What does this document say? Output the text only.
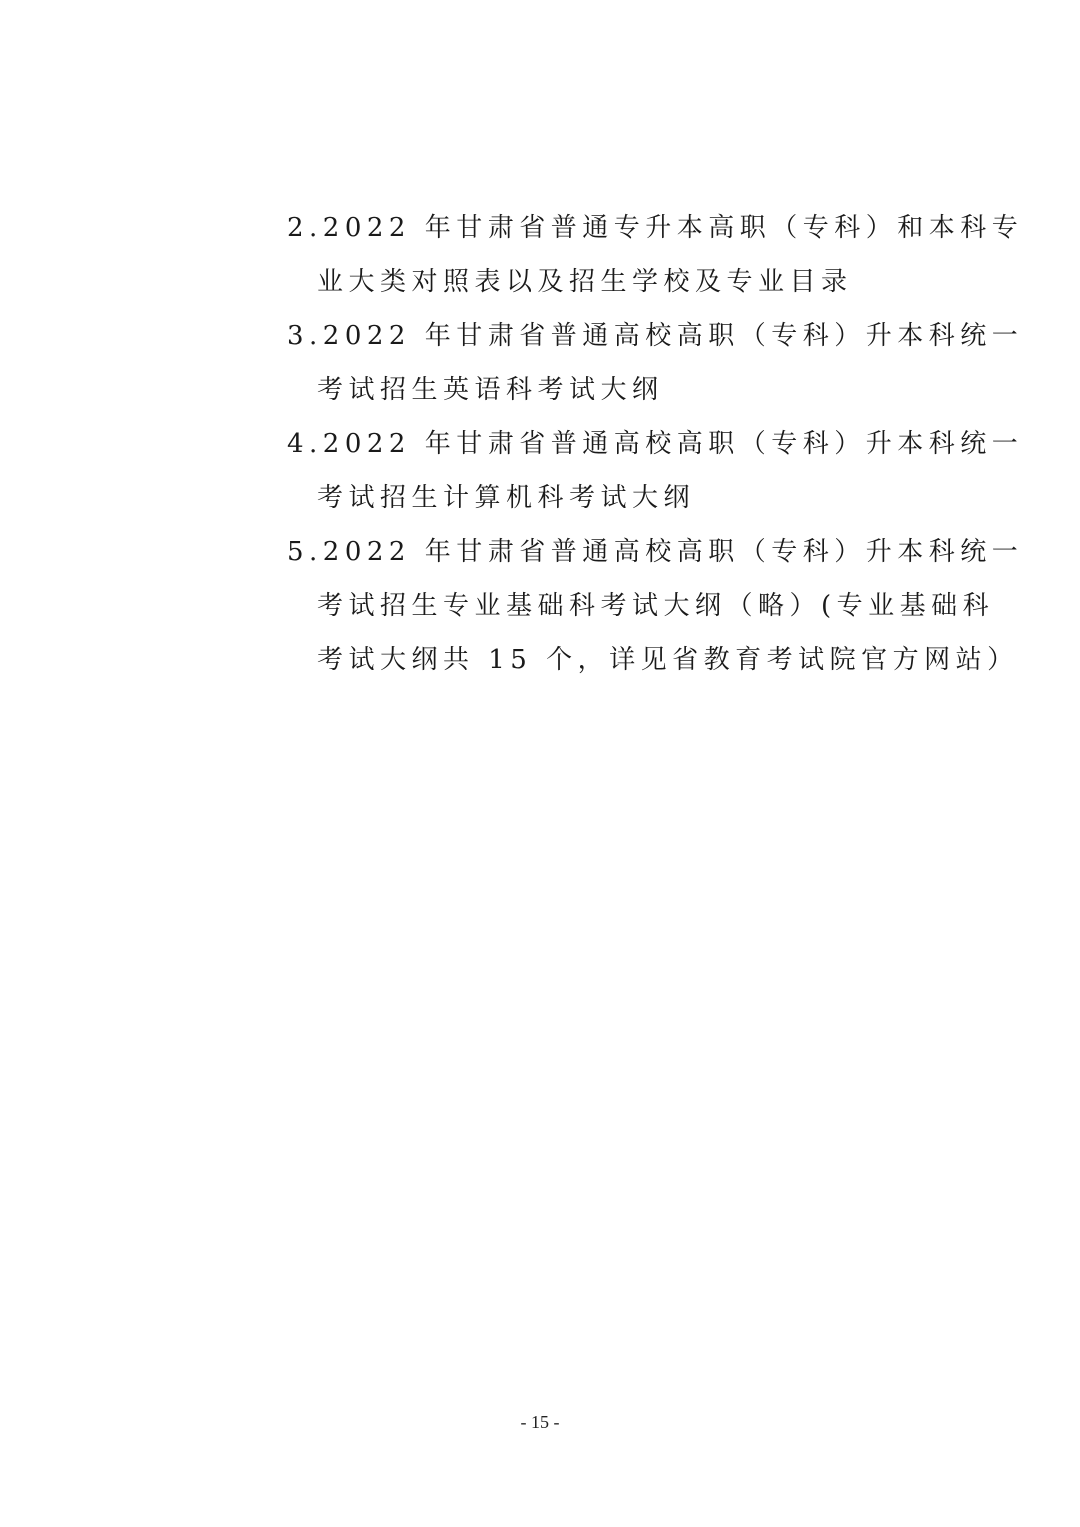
2.2022 年甘肃省普通专升本高职（专科）和本科专
业大类对照表以及招生学校及专业目录
3.2022 年甘肃省普通高校高职（专科）升本科统一
考试招生英语科考试大纲
4.2022 年甘肃省普通高校高职（专科）升本科统一
考试招生计算机科考试大纲
5.2022 年甘肃省普通高校高职（专科）升本科统一
考试招生专业基础科考试大纲（略）(专业基础科
考试大纲共 15 个，详见省教育考试院官方网站）
- 15 -
